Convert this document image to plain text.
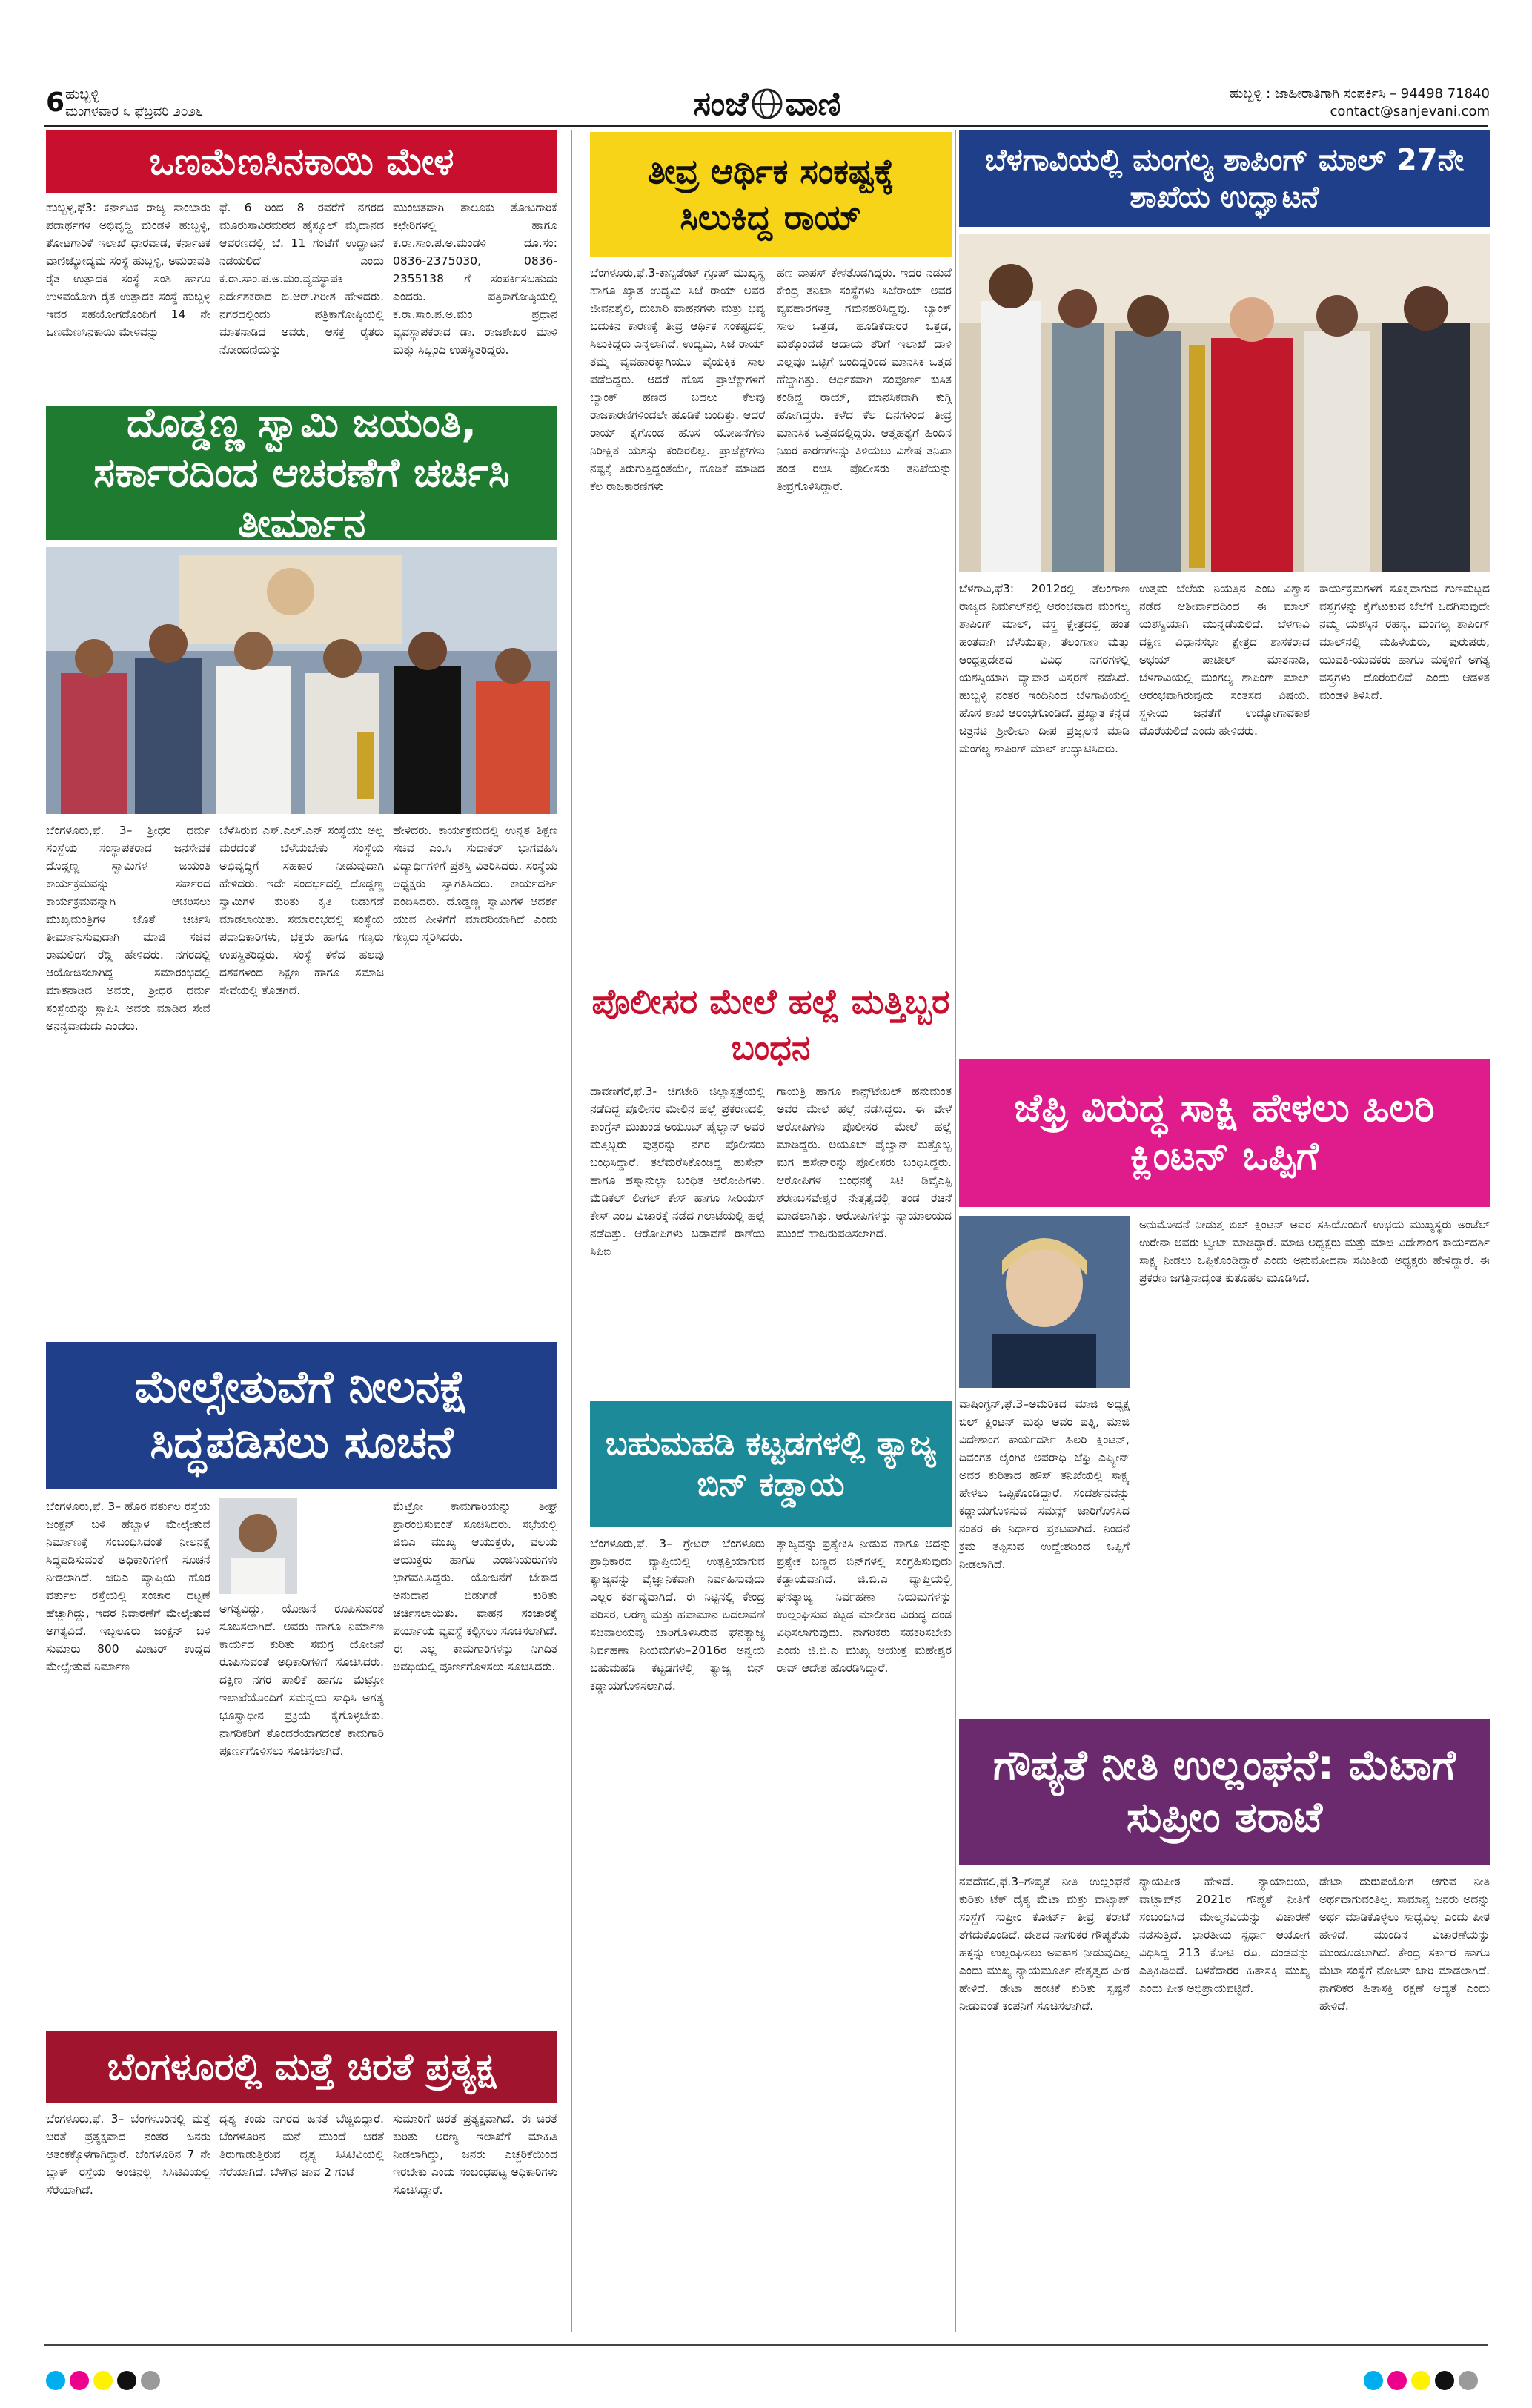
6 ಹುಬ್ಬಳ್ಳಿ
ಮಂಗಳವಾರ ೩ ಫೆಬ್ರವರಿ ೨೦೨೬	ಸಂಜೆ ವಾಣಿ	ಹುಬ್ಬಳ್ಳಿ : ಜಾಹೀರಾತಿಗಾಗಿ ಸಂಪರ್ಕಿಸಿ – 94498 71840
contact@sanjevani.com
ಒಣಮೆಣಸಿನಕಾಯಿ ಮೇಳ
ಹುಬ್ಬಳ್ಳಿ,ಫೆ3: ಕರ್ನಾಟಕ ರಾಜ್ಯ ಸಾಂಬಾರು ಪದಾರ್ಥಗಳ ಅಭಿವೃದ್ಧಿ ಮಂಡಳಿ ಹುಬ್ಬಳ್ಳಿ, ತೋಟಗಾರಿಕೆ ಇಲಾಖೆ ಧಾರವಾಡ, ಕರ್ನಾಟಕ ವಾಣಿಜ್ಯೋದ್ಯಮ ಸಂಸ್ಥೆ ಹುಬ್ಬಳ್ಳಿ, ಅಮರಾವತಿ ರೈತ ಉತ್ಪಾದಕ ಸಂಸ್ಥೆ ಸಂಶಿ ಹಾಗೂ ಉಳವಯೋಗಿ ರೈತ ಉತ್ಪಾದಕ ಸಂಸ್ಥೆ ಹುಬ್ಬಳ್ಳಿ ಇವರ ಸಹಯೋಗದೊಂದಿಗೆ 14 ನೇ ಒಣಮೆಣಸಿನಕಾಯಿ ಮೇಳವನ್ನು
ಫೆ. 6 ರಿಂದ 8 ರವರೆಗೆ ನಗರದ ಮೂರುಸಾವಿರಮಠದ ಹೈಸ್ಕೂಲ್ ಮೈದಾನದ ಆವರಣದಲ್ಲಿ ಬೆ. 11 ಗಂಟೆಗೆ ಉದ್ಘಾಟನೆ ನಡೆಯಲಿದೆ ಎಂದು ಕ.ರಾ.ಸಾಂ.ಪ.ಅ.ಮಂ.ವ್ಯವಸ್ಥಾಪಕ ನಿರ್ದೇಶಕರಾದ ಬಿ.ಆರ್.ಗಿರೀಶ ಹೇಳಿದರು. ನಗರದಲ್ಲಿಂದು ಪತ್ರಿಕಾಗೋಷ್ಠಿಯಲ್ಲಿ ಮಾತನಾಡಿದ ಅವರು, ಆಸಕ್ತ ರೈತರು ನೋಂದಣಿಯನ್ನು
ಮುಂಚಿತವಾಗಿ ತಾಲೂಕು ತೋಟಗಾರಿಕೆ ಕಛೇರಿಗಳಲ್ಲಿ ಹಾಗೂ ಕ.ರಾ.ಸಾಂ.ಪ.ಅ.ಮಂಡಳಿ ದೂ.ಸಂ: 0836-2375030, 0836-2355138 ಗೆ ಸಂಪರ್ಕಿಸಬಹುದು ಎಂದರು. ಪತ್ರಿಕಾಗೋಷ್ಠಿಯಲ್ಲಿ ಕ.ರಾ.ಸಾಂ.ಪ.ಅ.ಮಂ ಪ್ರಧಾನ ವ್ಯವಸ್ಥಾಪಕರಾದ ಡಾ. ರಾಜಶೇಖರ ಮಾಳಿ ಮತ್ತು ಸಿಬ್ಬಂದಿ ಉಪಸ್ಥಿತರಿದ್ದರು.
ದೊಡ್ಡಣ್ಣ ಸ್ವಾಮಿ ಜಯಂತಿ, ಸರ್ಕಾರದಿಂದ ಆಚರಣೆಗೆ ಚರ್ಚಿಸಿ ತೀರ್ಮಾನ
ಬೆಂಗಳೂರು,ಫೆ. 3– ಶ್ರೀಧರ ಧರ್ಮ ಸಂಸ್ಥೆಯ ಸಂಸ್ಥಾಪಕರಾದ ಜನಸೇವಕ ದೊಡ್ಡಣ್ಣ ಸ್ವಾಮಿಗಳ ಜಯಂತಿ ಕಾರ್ಯಕ್ರಮವನ್ನು ಸರ್ಕಾರದ ಕಾರ್ಯಕ್ರಮವನ್ನಾಗಿ ಆಚರಿಸಲು ಮುಖ್ಯಮಂತ್ರಿಗಳ ಜೊತೆ ಚರ್ಚಿಸಿ ತೀರ್ಮಾನಿಸುವುದಾಗಿ ಮಾಜಿ ಸಚಿವ ರಾಮಲಿಂಗ ರೆಡ್ಡಿ ಹೇಳಿದರು. ನಗರದಲ್ಲಿ ಆಯೋಜಿಸಲಾಗಿದ್ದ ಸಮಾರಂಭದಲ್ಲಿ ಮಾತನಾಡಿದ ಅವರು, ಶ್ರೀಧರ ಧರ್ಮ ಸಂಸ್ಥೆಯನ್ನು ಸ್ಥಾಪಿಸಿ ಅವರು ಮಾಡಿದ ಸೇವೆ ಅನನ್ಯವಾದುದು ಎಂದರು.
ಬೆಳೆಸಿರುವ ಎಸ್.ಎಲ್.ಎನ್ ಸಂಸ್ಥೆಯು ಅಲ್ಲ ಮರದಂತೆ ಬೆಳೆಯಬೇಕು ಸಂಸ್ಥೆಯ ಅಭಿವೃದ್ಧಿಗೆ ಸಹಕಾರ ನೀಡುವುದಾಗಿ ಹೇಳಿದರು. ಇದೇ ಸಂದರ್ಭದಲ್ಲಿ ದೊಡ್ಡಣ್ಣ ಸ್ವಾಮಿಗಳ ಕುರಿತು ಕೃತಿ ಬಿಡುಗಡೆ ಮಾಡಲಾಯಿತು. ಸಮಾರಂಭದಲ್ಲಿ ಸಂಸ್ಥೆಯ ಪದಾಧಿಕಾರಿಗಳು, ಭಕ್ತರು ಹಾಗೂ ಗಣ್ಯರು ಉಪಸ್ಥಿತರಿದ್ದರು. ಸಂಸ್ಥೆ ಕಳೆದ ಹಲವು ದಶಕಗಳಿಂದ ಶಿಕ್ಷಣ ಹಾಗೂ ಸಮಾಜ ಸೇವೆಯಲ್ಲಿ ತೊಡಗಿದೆ.
ಹೇಳಿದರು. ಕಾರ್ಯಕ್ರಮದಲ್ಲಿ ಉನ್ನತ ಶಿಕ್ಷಣ ಸಚಿವ ಎಂ.ಸಿ ಸುಧಾಕರ್ ಭಾಗವಹಿಸಿ ವಿದ್ಯಾರ್ಥಿಗಳಿಗೆ ಪ್ರಶಸ್ತಿ ವಿತರಿಸಿದರು. ಸಂಸ್ಥೆಯ ಅಧ್ಯಕ್ಷರು ಸ್ವಾಗತಿಸಿದರು. ಕಾರ್ಯದರ್ಶಿ ವಂದಿಸಿದರು. ದೊಡ್ಡಣ್ಣ ಸ್ವಾಮಿಗಳ ಆದರ್ಶ ಯುವ ಪೀಳಿಗೆಗೆ ಮಾದರಿಯಾಗಿದೆ ಎಂದು ಗಣ್ಯರು ಸ್ಮರಿಸಿದರು.
ಮೇಲ್ಸೇತುವೆಗೆ ನೀಲನಕ್ಷೆ ಸಿದ್ಧಪಡಿಸಲು ಸೂಚನೆ
ಬೆಂಗಳೂರು,ಫೆ. 3– ಹೊರ ವರ್ತುಲ ರಸ್ತೆಯ ಜಂಕ್ಷನ್ ಬಳಿ ಹೆಬ್ಬಾಳ ಮೇಲ್ಸೇತುವೆ ನಿರ್ಮಾಣಕ್ಕೆ ಸಂಬಂಧಿಸಿದಂತೆ ನೀಲನಕ್ಷೆ ಸಿದ್ಧಪಡಿಸುವಂತೆ ಅಧಿಕಾರಿಗಳಿಗೆ ಸೂಚನೆ ನೀಡಲಾಗಿದೆ. ಜಿಬಿಎ ವ್ಯಾಪ್ತಿಯ ಹೊರ ವರ್ತುಲ ರಸ್ತೆಯಲ್ಲಿ ಸಂಚಾರ ದಟ್ಟಣೆ ಹೆಚ್ಚಾಗಿದ್ದು, ಇದರ ನಿವಾರಣೆಗೆ ಮೇಲ್ಸೇತುವೆ ಅಗತ್ಯವಿದೆ. ಇಬ್ಬಲೂರು ಜಂಕ್ಷನ್ ಬಳಿ ಸುಮಾರು 800 ಮೀಟರ್ ಉದ್ದದ ಮೇಲ್ಸೇತುವೆ ನಿರ್ಮಾಣ
ಅಗತ್ಯವಿದ್ದು, ಯೋಜನೆ ರೂಪಿಸುವಂತೆ ಸೂಚಿಸಲಾಗಿದೆ. ಅವರು ಹಾಗೂ ನಿರ್ಮಾಣ ಕಾರ್ಯದ ಕುರಿತು ಸಮಗ್ರ ಯೋಜನೆ ರೂಪಿಸುವಂತೆ ಅಧಿಕಾರಿಗಳಿಗೆ ಸೂಚಿಸಿದರು. ದಕ್ಷಿಣ ನಗರ ಪಾಲಿಕೆ ಹಾಗೂ ಮೆಟ್ರೋ ಇಲಾಖೆಯೊಂದಿಗೆ ಸಮನ್ವಯ ಸಾಧಿಸಿ ಅಗತ್ಯ ಭೂಸ್ವಾಧೀನ ಪ್ರಕ್ರಿಯೆ ಕೈಗೊಳ್ಳಬೇಕು. ನಾಗರಿಕರಿಗೆ ತೊಂದರೆಯಾಗದಂತೆ ಕಾಮಗಾರಿ ಪೂರ್ಣಗೊಳಿಸಲು ಸೂಚಿಸಲಾಗಿದೆ.
ಮೆಟ್ರೋ ಕಾಮಗಾರಿಯನ್ನು ಶೀಘ್ರ ಪ್ರಾರಂಭಿಸುವಂತೆ ಸೂಚಿಸಿದರು. ಸಭೆಯಲ್ಲಿ ಜಿಬಿಎ ಮುಖ್ಯ ಆಯುಕ್ತರು, ವಲಯ ಆಯುಕ್ತರು ಹಾಗೂ ಎಂಜಿನಿಯರುಗಳು ಭಾಗವಹಿಸಿದ್ದರು. ಯೋಜನೆಗೆ ಬೇಕಾದ ಅನುದಾನ ಬಿಡುಗಡೆ ಕುರಿತು ಚರ್ಚಿಸಲಾಯಿತು. ವಾಹನ ಸಂಚಾರಕ್ಕೆ ಪರ್ಯಾಯ ವ್ಯವಸ್ಥೆ ಕಲ್ಪಿಸಲು ಸೂಚಿಸಲಾಗಿದೆ. ಈ ಎಲ್ಲ ಕಾಮಗಾರಿಗಳನ್ನು ನಿಗದಿತ ಅವಧಿಯಲ್ಲಿ ಪೂರ್ಣಗೊಳಿಸಲು ಸೂಚಿಸಿದರು.
ಬೆಂಗಳೂರಲ್ಲಿ ಮತ್ತೆ ಚಿರತೆ ಪ್ರತ್ಯಕ್ಷ
ಬೆಂಗಳೂರು,ಫೆ. 3– ಬೆಂಗಳೂರಿನಲ್ಲಿ ಮತ್ತೆ ಚಿರತೆ ಪ್ರತ್ಯಕ್ಷವಾದ ನಂತರ ಜನರು ಆತಂಕಕ್ಕೊಳಗಾಗಿದ್ದಾರೆ. ಬೆಂಗಳೂರಿನ 7 ನೇ ಬ್ಲಾಕ್ ರಸ್ತೆಯ ಅಂಚಿನಲ್ಲಿ ಸಿಸಿಟಿವಿಯಲ್ಲಿ ಸೆರೆಯಾಗಿದೆ.
ದೃಶ್ಯ ಕಂಡು ನಗರದ ಜನತೆ ಬೆಚ್ಚಿಬಿದ್ದಾರೆ. ಬೆಂಗಳೂರಿನ ಮನೆ ಮುಂದೆ ಚಿರತೆ ತಿರುಗಾಡುತ್ತಿರುವ ದೃಶ್ಯ ಸಿಸಿಟಿವಿಯಲ್ಲಿ ಸೆರೆಯಾಗಿದೆ. ಬೆಳಗಿನ ಜಾವ 2 ಗಂಟೆ
ಸುಮಾರಿಗೆ ಚಿರತೆ ಪ್ರತ್ಯಕ್ಷವಾಗಿದೆ. ಈ ಚಿರತೆ ಕುರಿತು ಅರಣ್ಯ ಇಲಾಖೆಗೆ ಮಾಹಿತಿ ನೀಡಲಾಗಿದ್ದು, ಜನರು ಎಚ್ಚರಿಕೆಯಿಂದ ಇರಬೇಕು ಎಂದು ಸಂಬಂಧಪಟ್ಟ ಅಧಿಕಾರಿಗಳು ಸೂಚಿಸಿದ್ದಾರೆ.
ತೀವ್ರ ಆರ್ಥಿಕ ಸಂಕಷ್ಟಕ್ಕೆ ಸಿಲುಕಿದ್ದ ರಾಯ್
ಬೆಂಗಳೂರು,ಫೆ.3-ಕಾನ್ಫಿಡೆಂಟ್ ಗ್ರೂಪ್ ಮುಖ್ಯಸ್ಥ ಹಾಗೂ ಖ್ಯಾತ ಉದ್ಯಮಿ ಸಿಜೆ ರಾಯ್ ಅವರ ಜೀವನಶೈಲಿ, ದುಬಾರಿ ವಾಹನಗಳು ಮತ್ತು ಭವ್ಯ ಬದುಕಿನ ಕಾರಣಕ್ಕೆ ತೀವ್ರ ಆರ್ಥಿಕ ಸಂಕಷ್ಟದಲ್ಲಿ ಸಿಲುಕಿದ್ದರು ಎನ್ನಲಾಗಿದೆ. ಉದ್ಯಮಿ, ಸಿಜೆ ರಾಯ್ ತಮ್ಮ ವ್ಯವಹಾರಕ್ಕಾಗಿಯೂ ವೈಯಕ್ತಿಕ ಸಾಲ ಪಡೆದಿದ್ದರು. ಆದರೆ ಹೊಸ ಪ್ರಾಜೆಕ್ಟ್‌ಗಳಿಗೆ ಬ್ಯಾಂಕ್ ಹಣದ ಬದಲು ಕೆಲವು ರಾಜಕಾರಣಿಗಳಿಂದಲೇ ಹೂಡಿಕೆ ಬಂದಿತ್ತು. ಆದರೆ ರಾಯ್ ಕೈಗೊಂಡ ಹೊಸ ಯೋಜನೆಗಳು ನಿರೀಕ್ಷಿತ ಯಶಸ್ಸು ಕಂಡಿರಲಿಲ್ಲ. ಪ್ರಾಜೆಕ್ಟ್‌ಗಳು ನಷ್ಟಕ್ಕೆ ತಿರುಗುತ್ತಿದ್ದಂತೆಯೇ, ಹೂಡಿಕೆ ಮಾಡಿದ ಕೆಲ ರಾಜಕಾರಣಿಗಳು
ಹಣ ವಾಪಸ್ ಕೇಳತೊಡಗಿದ್ದರು. ಇದರ ನಡುವೆ ಕೇಂದ್ರ ತನಿಖಾ ಸಂಸ್ಥೆಗಳು ಸಿಜೆರಾಯ್ ಅವರ ವ್ಯವಹಾರಗಳತ್ತ ಗಮನಹರಿಸಿದ್ದವು. ಬ್ಯಾಂಕ್ ಸಾಲ ಒತ್ತಡ, ಹೂಡಿಕೆದಾರರ ಒತ್ತಡ, ಮತ್ತೊಂದೆಡೆ ಆದಾಯ ತೆರಿಗೆ ಇಲಾಖೆ ದಾಳಿ ಎಲ್ಲವೂ ಒಟ್ಟಿಗೆ ಬಂದಿದ್ದರಿಂದ ಮಾನಸಿಕ ಒತ್ತಡ ಹೆಚ್ಚಾಗಿತ್ತು. ಆರ್ಥಿಕವಾಗಿ ಸಂಪೂರ್ಣ ಕುಸಿತ ಕಂಡಿದ್ದ ರಾಯ್, ಮಾನಸಿಕವಾಗಿ ಕುಗ್ಗಿ ಹೋಗಿದ್ದರು. ಕಳೆದ ಕೆಲ ದಿನಗಳಿಂದ ತೀವ್ರ ಮಾನಸಿಕ ಒತ್ತಡದಲ್ಲಿದ್ದರು. ಆತ್ಮಹತ್ಯೆಗೆ ಹಿಂದಿನ ನಿಖರ ಕಾರಣಗಳನ್ನು ತಿಳಿಯಲು ವಿಶೇಷ ತನಿಖಾ ತಂಡ ರಚಿಸಿ ಪೊಲೀಸರು ತನಿಖೆಯನ್ನು ತೀವ್ರಗೊಳಿಸಿದ್ದಾರೆ.
ಪೊಲೀಸರ ಮೇಲೆ ಹಲ್ಲೆ ಮತ್ತಿಬ್ಬರ ಬಂಧನ
ದಾವಣಗೆರೆ,ಫೆ.3- ಚಿಗಟೇರಿ ಜಿಲ್ಲಾಸ್ಪತ್ರೆಯಲ್ಲಿ ನಡೆದಿದ್ದ ಪೊಲೀಸರ ಮೇಲಿನ ಹಲ್ಲೆ ಪ್ರಕರಣದಲ್ಲಿ ಕಾಂಗ್ರೆಸ್ ಮುಖಂಡ ಅಯೂಬ್ ಪೈಲ್ವಾನ್ ಅವರ ಮತ್ತಿಬ್ಬರು ಪುತ್ರರನ್ನು ನಗರ ಪೊಲೀಸರು ಬಂಧಿಸಿದ್ದಾರೆ. ತಲೆಮರೆಸಿಕೊಂಡಿದ್ದ ಹುಸೇನ್ ಹಾಗೂ ಹಸ್ಮಾನುಲ್ಲಾ ಬಂಧಿತ ಆರೋಪಿಗಳು. ಮೆಡಿಕಲ್ ಲೀಗಲ್ ಕೇಸ್ ಹಾಗೂ ಸೀರಿಯಸ್ ಕೇಸ್ ಎಂಬ ವಿಚಾರಕ್ಕೆ ನಡೆದ ಗಲಾಟೆಯಲ್ಲಿ ಹಲ್ಲೆ ನಡೆದಿತ್ತು. ಆರೋಪಿಗಳು ಬಡಾವಣೆ ಠಾಣೆಯ ಸಿಪಿಐ
ಗಾಯತ್ರಿ ಹಾಗೂ ಕಾನ್ಸ್‌ಟೇಬಲ್ ಹನುಮಂತ ಅವರ ಮೇಲೆ ಹಲ್ಲೆ ನಡೆಸಿದ್ದರು. ಈ ವೇಳೆ ಆರೋಪಿಗಳು ಪೊಲೀಸರ ಮೇಲೆ ಹಲ್ಲೆ ಮಾಡಿದ್ದರು. ಅಯೂಬ್ ಪೈಲ್ವಾನ್ ಮತ್ತೊಬ್ಬ ಮಗ ಹಸೇನ್‌ರನ್ನು ಪೊಲೀಸರು ಬಂಧಿಸಿದ್ದರು. ಆರೋಪಿಗಳ ಬಂಧನಕ್ಕೆ ಸಿಟಿ ಡಿವೈಎಸ್ಪಿ ಶರಣಬಸವೇಶ್ವರ ನೇತೃತ್ವದಲ್ಲಿ ತಂಡ ರಚನೆ ಮಾಡಲಾಗಿತ್ತು. ಆರೋಪಿಗಳನ್ನು ನ್ಯಾಯಾಲಯದ ಮುಂದೆ ಹಾಜರುಪಡಿಸಲಾಗಿದೆ.
ಬಹುಮಹಡಿ ಕಟ್ಟಡಗಳಲ್ಲಿ ತ್ಯಾಜ್ಯ ಬಿನ್ ಕಡ್ಡಾಯ
ಬೆಂಗಳೂರು,ಫೆ. 3– ಗ್ರೇಟರ್ ಬೆಂಗಳೂರು ಪ್ರಾಧಿಕಾರದ ವ್ಯಾಪ್ತಿಯಲ್ಲಿ ಉತ್ಪತ್ತಿಯಾಗುವ ತ್ಯಾಜ್ಯವನ್ನು ವೈಜ್ಞಾನಿಕವಾಗಿ ನಿರ್ವಹಿಸುವುದು ಎಲ್ಲರ ಕರ್ತವ್ಯವಾಗಿದೆ. ಈ ನಿಟ್ಟಿನಲ್ಲಿ ಕೇಂದ್ರ ಪರಿಸರ, ಅರಣ್ಯ ಮತ್ತು ಹವಾಮಾನ ಬದಲಾವಣೆ ಸಚಿವಾಲಯವು ಜಾರಿಗೊಳಿಸಿರುವ ಘನತ್ಯಾಜ್ಯ ನಿರ್ವಹಣಾ ನಿಯಮಗಳು–2016ರ ಅನ್ವಯ ಬಹುಮಹಡಿ ಕಟ್ಟಡಗಳಲ್ಲಿ ತ್ಯಾಜ್ಯ ಬಿನ್ ಕಡ್ಡಾಯಗೊಳಿಸಲಾಗಿದೆ.
ತ್ಯಾಜ್ಯವನ್ನು ಪ್ರತ್ಯೇಕಿಸಿ ನೀಡುವ ಹಾಗೂ ಅದನ್ನು ಪ್ರತ್ಯೇಕ ಬಣ್ಣದ ಬಿನ್‌ಗಳಲ್ಲಿ ಸಂಗ್ರಹಿಸುವುದು ಕಡ್ಡಾಯವಾಗಿದೆ. ಜಿ.ಬಿ.ಎ ವ್ಯಾಪ್ತಿಯಲ್ಲಿ ಘನತ್ಯಾಜ್ಯ ನಿರ್ವಹಣಾ ನಿಯಮಗಳನ್ನು ಉಲ್ಲಂಘಿಸುವ ಕಟ್ಟಡ ಮಾಲೀಕರ ವಿರುದ್ಧ ದಂಡ ವಿಧಿಸಲಾಗುವುದು. ನಾಗರಿಕರು ಸಹಕರಿಸಬೇಕು ಎಂದು ಜಿ.ಬಿ.ಎ ಮುಖ್ಯ ಆಯುಕ್ತ ಮಹೇಶ್ವರ ರಾವ್ ಆದೇಶ ಹೊರಡಿಸಿದ್ದಾರೆ.
ಬೆಳಗಾವಿಯಲ್ಲಿ ಮಂಗಲ್ಯ ಶಾಪಿಂಗ್ ಮಾಲ್ 27ನೇ ಶಾಖೆಯ ಉದ್ಘಾಟನೆ
ಬೆಳಗಾವಿ,ಫೆ3: 2012ರಲ್ಲಿ ತೆಲಂಗಾಣ ರಾಜ್ಯದ ನಿರ್ಮಲ್‌ನಲ್ಲಿ ಆರಂಭವಾದ ಮಂಗಲ್ಯ ಶಾಪಿಂಗ್ ಮಾಲ್, ವಸ್ತ್ರ ಕ್ಷೇತ್ರದಲ್ಲಿ ಹಂತ ಹಂತವಾಗಿ ಬೆಳೆಯುತ್ತಾ, ತೆಲಂಗಾಣ ಮತ್ತು ಆಂಧ್ರಪ್ರದೇಶದ ವಿವಿಧ ನಗರಗಳಲ್ಲಿ ಯಶಸ್ವಿಯಾಗಿ ವ್ಯಾಪಾರ ವಿಸ್ತರಣೆ ನಡೆಸಿದೆ. ಹುಬ್ಬಳ್ಳಿ ನಂತರ ಇಂದಿನಿಂದ ಬೆಳಗಾವಿಯಲ್ಲಿ ಹೊಸ ಶಾಖೆ ಆರಂಭಗೊಂಡಿದೆ. ಪ್ರಖ್ಯಾತ ಕನ್ನಡ ಚಿತ್ರನಟಿ ಶ್ರೀಲೀಲಾ ದೀಪ ಪ್ರಜ್ವಲನ ಮಾಡಿ ಮಂಗಲ್ಯ ಶಾಪಿಂಗ್ ಮಾಲ್ ಉದ್ಘಾಟಿಸಿದರು.
ಉತ್ತಮ ಬೆಲೆಯ ನಿಯತ್ತಿನ ಎಂಬ ವಿಶ್ವಾಸ ನಡೆದ ಆಶೀರ್ವಾದದಿಂದ ಈ ಮಾಲ್ ಯಶಸ್ವಿಯಾಗಿ ಮುನ್ನಡೆಯಲಿದೆ. ಬೆಳಗಾವಿ ದಕ್ಷಿಣ ವಿಧಾನಸಭಾ ಕ್ಷೇತ್ರದ ಶಾಸಕರಾದ ಅಭಯ್ ಪಾಟೀಲ್ ಮಾತನಾಡಿ, ಬೆಳಗಾವಿಯಲ್ಲಿ ಮಂಗಲ್ಯ ಶಾಪಿಂಗ್ ಮಾಲ್ ಆರಂಭವಾಗಿರುವುದು ಸಂತಸದ ವಿಷಯ. ಸ್ಥಳೀಯ ಜನತೆಗೆ ಉದ್ಯೋಗಾವಕಾಶ ದೊರೆಯಲಿದೆ ಎಂದು ಹೇಳಿದರು.
ಕಾರ್ಯಕ್ರಮಗಳಿಗೆ ಸೂಕ್ತವಾಗುವ ಗುಣಮಟ್ಟದ ವಸ್ತ್ರಗಳನ್ನು ಕೈಗೆಟುಕುವ ಬೆಲೆಗೆ ಒದಗಿಸುವುದೇ ನಮ್ಮ ಯಶಸ್ಸಿನ ರಹಸ್ಯ. ಮಂಗಲ್ಯ ಶಾಪಿಂಗ್ ಮಾಲ್‌ನಲ್ಲಿ ಮಹಿಳೆಯರು, ಪುರುಷರು, ಯುವತಿ-ಯುವಕರು ಹಾಗೂ ಮಕ್ಕಳಿಗೆ ಅಗತ್ಯ ವಸ್ತ್ರಗಳು ದೊರೆಯಲಿವೆ ಎಂದು ಆಡಳಿತ ಮಂಡಳಿ ತಿಳಿಸಿದೆ.
ಜೆಫ್ರಿ ವಿರುದ್ಧ ಸಾಕ್ಷಿ ಹೇಳಲು ಹಿಲರಿ ಕ್ಲಿಂಟನ್ ಒಪ್ಪಿಗೆ
ವಾಷಿಂಗ್ಟನ್,ಫೆ.3–ಅಮೆರಿಕದ ಮಾಜಿ ಅಧ್ಯಕ್ಷ ಬಿಲ್ ಕ್ಲಿಂಟನ್ ಮತ್ತು ಅವರ ಪತ್ನಿ, ಮಾಜಿ ವಿದೇಶಾಂಗ ಕಾರ್ಯದರ್ಶಿ ಹಿಲರಿ ಕ್ಲಿಂಟನ್, ದಿವಂಗತ ಲೈಂಗಿಕ ಅಪರಾಧಿ ಜೆಫ್ರಿ ಎಪ್ಸ್ಟೀನ್ ಅವರ ಕುರಿತಾದ ಹೌಸ್ ತನಿಖೆಯಲ್ಲಿ ಸಾಕ್ಷ್ಯ ಹೇಳಲು ಒಪ್ಪಿಕೊಂಡಿದ್ದಾರೆ. ಸಂದರ್ಶನವನ್ನು ಕಡ್ಡಾಯಗೊಳಿಸುವ ಸಮನ್ಸ್ ಜಾರಿಗೊಳಿಸಿದ ನಂತರ ಈ ನಿರ್ಧಾರ ಪ್ರಕಟವಾಗಿದೆ. ನಿಂದನೆ ಕ್ರಮ ತಪ್ಪಿಸುವ ಉದ್ದೇಶದಿಂದ ಒಪ್ಪಿಗೆ ನೀಡಲಾಗಿದೆ.
ಅನುಮೋದನೆ ನೀಡುತ್ತ ಬಿಲ್ ಕ್ಲಿಂಟನ್ ಅವರ ಸಹಿಯೊಂದಿಗೆ ಉಭಯ ಮುಖ್ಯಸ್ಥರು ಅಂಜೆಲ್ ಉರೇನಾ ಅವರು ಟ್ವೀಟ್ ಮಾಡಿದ್ದಾರೆ. ಮಾಜಿ ಅಧ್ಯಕ್ಷರು ಮತ್ತು ಮಾಜಿ ವಿದೇಶಾಂಗ ಕಾರ್ಯದರ್ಶಿ ಸಾಕ್ಷ್ಯ ನೀಡಲು ಒಪ್ಪಿಕೊಂಡಿದ್ದಾರೆ ಎಂದು ಅನುಮೋದನಾ ಸಮಿತಿಯ ಅಧ್ಯಕ್ಷರು ಹೇಳಿದ್ದಾರೆ. ಈ ಪ್ರಕರಣ ಜಗತ್ತಿನಾದ್ಯಂತ ಕುತೂಹಲ ಮೂಡಿಸಿದೆ.
ಗೌಪ್ಯತೆ ನೀತಿ ಉಲ್ಲಂಘನೆ: ಮೆಟಾಗೆ ಸುಪ್ರೀಂ ತರಾಟೆ
ನವದೆಹಲಿ,ಫೆ.3–ಗೌಪ್ಯತೆ ನೀತಿ ಉಲ್ಲಂಘನೆ ಕುರಿತು ಟೆಕ್ ದೈತ್ಯ ಮೆಟಾ ಮತ್ತು ವಾಟ್ಸಾಪ್ ಸಂಸ್ಥೆಗೆ ಸುಪ್ರೀಂ ಕೋರ್ಟ್ ತೀವ್ರ ತರಾಟೆ ತೆಗೆದುಕೊಂಡಿದೆ. ದೇಶದ ನಾಗರಿಕರ ಗೌಪ್ಯತೆಯ ಹಕ್ಕನ್ನು ಉಲ್ಲಂಘಿಸಲು ಅವಕಾಶ ನೀಡುವುದಿಲ್ಲ ಎಂದು ಮುಖ್ಯ ನ್ಯಾಯಮೂರ್ತಿ ನೇತೃತ್ವದ ಪೀಠ ಹೇಳಿದೆ. ಡೇಟಾ ಹಂಚಿಕೆ ಕುರಿತು ಸ್ಪಷ್ಟನೆ ನೀಡುವಂತೆ ಕಂಪನಿಗೆ ಸೂಚಿಸಲಾಗಿದೆ.
ನ್ಯಾಯಪೀಠ ಹೇಳಿದೆ. ನ್ಯಾಯಾಲಯ, ವಾಟ್ಸಾಪ್‌ನ 2021ರ ಗೌಪ್ಯತೆ ನೀತಿಗೆ ಸಂಬಂಧಿಸಿದ ಮೇಲ್ಮನವಿಯನ್ನು ವಿಚಾರಣೆ ನಡೆಸುತ್ತಿದೆ. ಭಾರತೀಯ ಸ್ಪರ್ಧಾ ಆಯೋಗ ವಿಧಿಸಿದ್ದ 213 ಕೋಟಿ ರೂ. ದಂಡವನ್ನು ಎತ್ತಿಹಿಡಿದಿದೆ. ಬಳಕೆದಾರರ ಹಿತಾಸಕ್ತಿ ಮುಖ್ಯ ಎಂದು ಪೀಠ ಅಭಿಪ್ರಾಯಪಟ್ಟಿದೆ.
ಡೇಟಾ ದುರುಪಯೋಗ ಆಗುವ ನೀತಿ ಅರ್ಥವಾಗುವಂತಿಲ್ಲ. ಸಾಮಾನ್ಯ ಜನರು ಅದನ್ನು ಅರ್ಥ ಮಾಡಿಕೊಳ್ಳಲು ಸಾಧ್ಯವಿಲ್ಲ ಎಂದು ಪೀಠ ಹೇಳಿದೆ. ಮುಂದಿನ ವಿಚಾರಣೆಯನ್ನು ಮುಂದೂಡಲಾಗಿದೆ. ಕೇಂದ್ರ ಸರ್ಕಾರ ಹಾಗೂ ಮೆಟಾ ಸಂಸ್ಥೆಗೆ ನೋಟಿಸ್ ಜಾರಿ ಮಾಡಲಾಗಿದೆ. ನಾಗರಿಕರ ಹಿತಾಸಕ್ತಿ ರಕ್ಷಣೆ ಆದ್ಯತೆ ಎಂದು ಹೇಳಿದೆ.
